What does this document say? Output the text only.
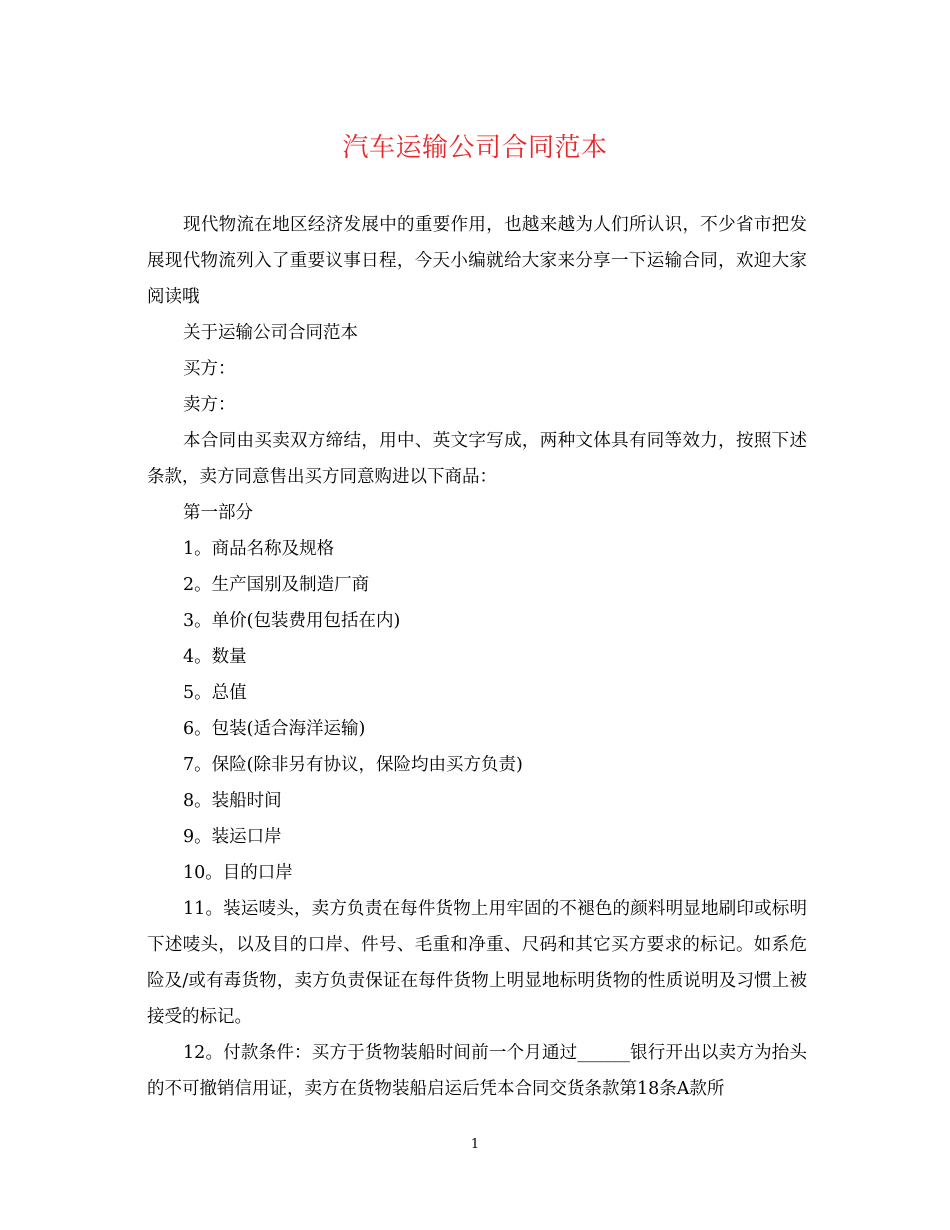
汽车运输公司合同范本

现代物流在地区经济发展中的重要作用，也越来越为人们所认识，不少省市把发展现代物流列入了重要议事日程，今天小编就给大家来分享一下运输合同，欢迎大家阅读哦

关于运输公司合同范本

买方：

卖方：

本合同由买卖双方缔结，用中、英文字写成，两种文体具有同等效力，按照下述条款，卖方同意售出买方同意购进以下商品：

第一部分

1。商品名称及规格

2。生产国别及制造厂商

3。单价(包装费用包括在内)

4。数量

5。总值

6。包装(适合海洋运输)

7。保险(除非另有协议，保险均由买方负责)

8。装船时间

9。装运口岸

10。目的口岸

11。装运唛头，卖方负责在每件货物上用牢固的不褪色的颜料明显地刷印或标明下述唛头，以及目的口岸、件号、毛重和净重、尺码和其它买方要求的标记。如系危险及/或有毒货物，卖方负责保证在每件货物上明显地标明货物的性质说明及习惯上被接受的标记。

12。付款条件：买方于货物装船时间前一个月通过______银行开出以卖方为抬头的不可撤销信用证，卖方在货物装船启运后凭本合同交货条款第18条A款所

1
